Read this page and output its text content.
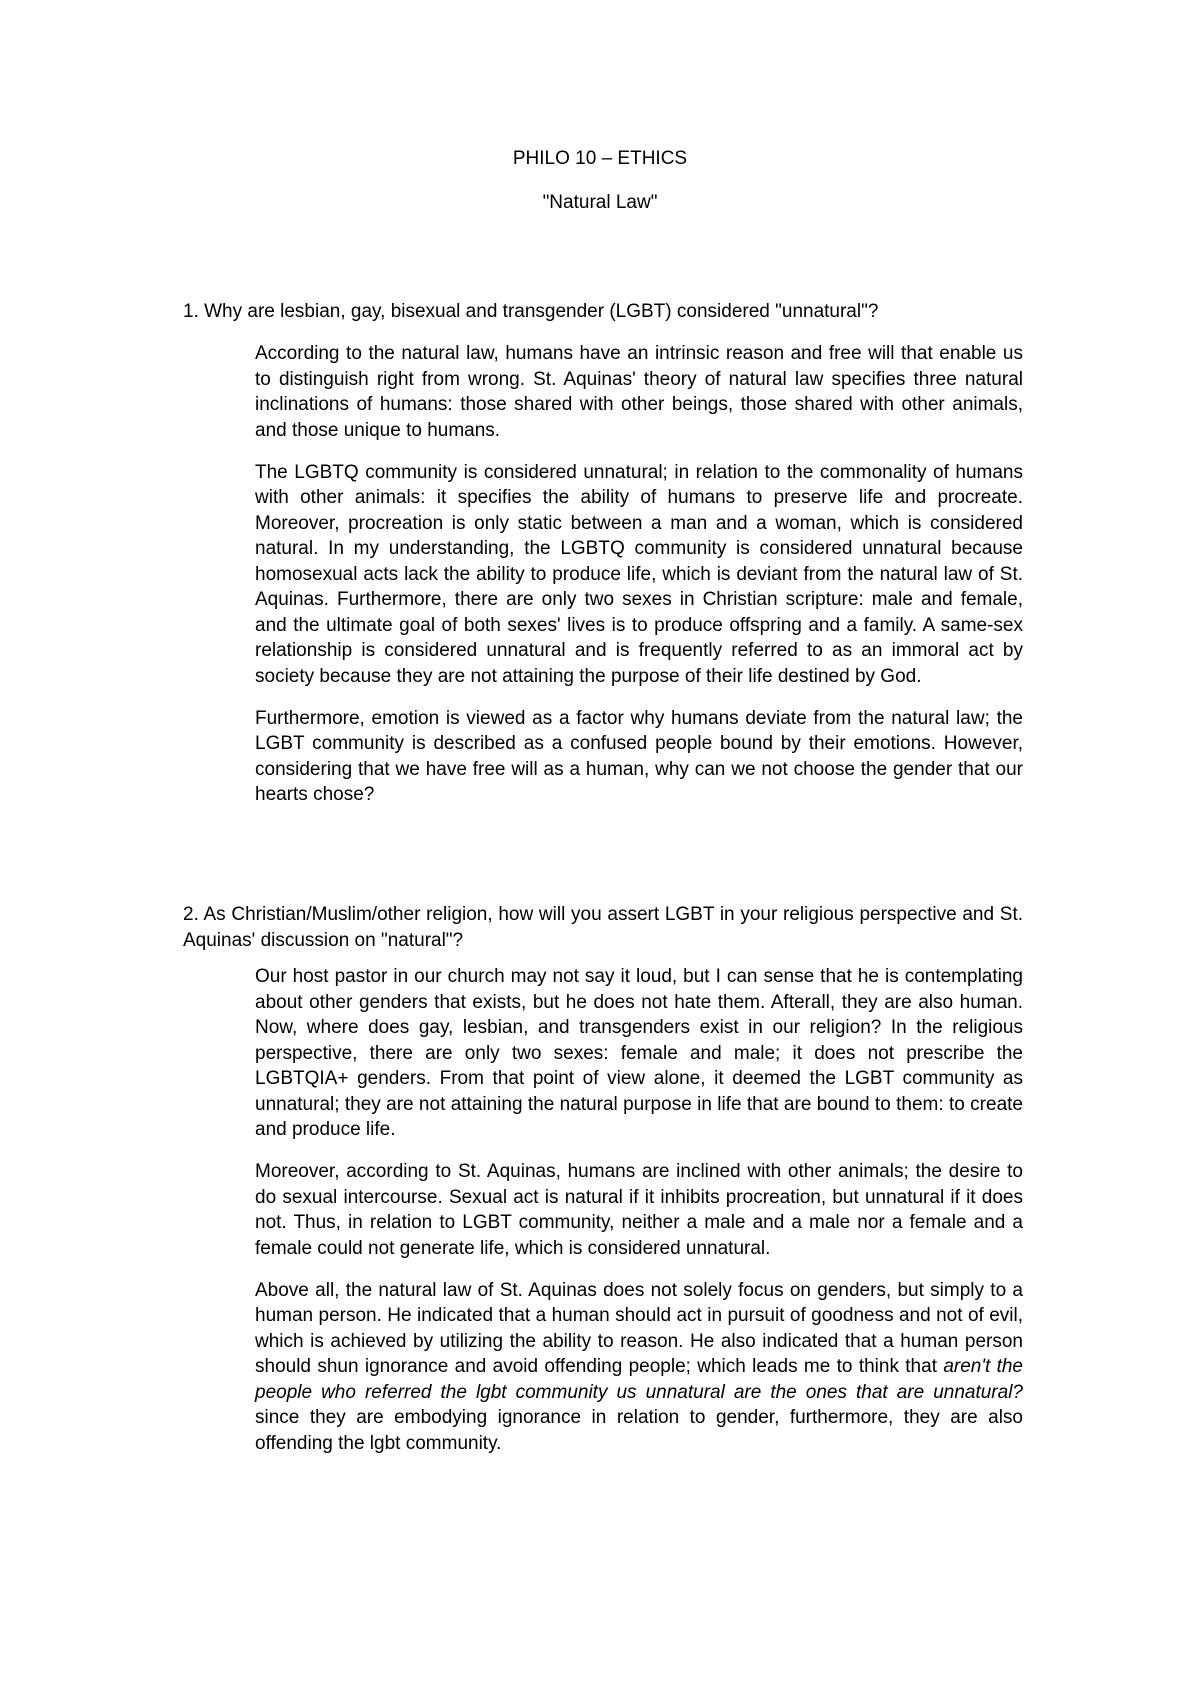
PHILO 10 – ETHICS
"Natural Law"

1. Why are lesbian, gay, bisexual and transgender (LGBT) considered "unnatural"?

According to the natural law, humans have an intrinsic reason and free will that enable us to distinguish right from wrong. St. Aquinas' theory of natural law specifies three natural inclinations of humans: those shared with other beings, those shared with other animals, and those unique to humans.

The LGBTQ community is considered unnatural; in relation to the commonality of humans with other animals: it specifies the ability of humans to preserve life and procreate. Moreover, procreation is only static between a man and a woman, which is considered natural. In my understanding, the LGBTQ community is considered unnatural because homosexual acts lack the ability to produce life, which is deviant from the natural law of St. Aquinas. Furthermore, there are only two sexes in Christian scripture: male and female, and the ultimate goal of both sexes' lives is to produce offspring and a family. A same-sex relationship is considered unnatural and is frequently referred to as an immoral act by society because they are not attaining the purpose of their life destined by God.

Furthermore, emotion is viewed as a factor why humans deviate from the natural law; the LGBT community is described as a confused people bound by their emotions. However, considering that we have free will as a human, why can we not choose the gender that our hearts chose?

2. As Christian/Muslim/other religion, how will you assert LGBT in your religious perspective and St. Aquinas' discussion on "natural"?

Our host pastor in our church may not say it loud, but I can sense that he is contemplating about other genders that exists, but he does not hate them. Afterall, they are also human. Now, where does gay, lesbian, and transgenders exist in our religion? In the religious perspective, there are only two sexes: female and male; it does not prescribe the LGBTQIA+ genders. From that point of view alone, it deemed the LGBT community as unnatural; they are not attaining the natural purpose in life that are bound to them: to create and produce life.

Moreover, according to St. Aquinas, humans are inclined with other animals; the desire to do sexual intercourse. Sexual act is natural if it inhibits procreation, but unnatural if it does not. Thus, in relation to LGBT community, neither a male and a male nor a female and a female could not generate life, which is considered unnatural.

Above all, the natural law of St. Aquinas does not solely focus on genders, but simply to a human person. He indicated that a human should act in pursuit of goodness and not of evil, which is achieved by utilizing the ability to reason. He also indicated that a human person should shun ignorance and avoid offending people; which leads me to think that aren't the people who referred the lgbt community us unnatural are the ones that are unnatural? since they are embodying ignorance in relation to gender, furthermore, they are also offending the lgbt community.
